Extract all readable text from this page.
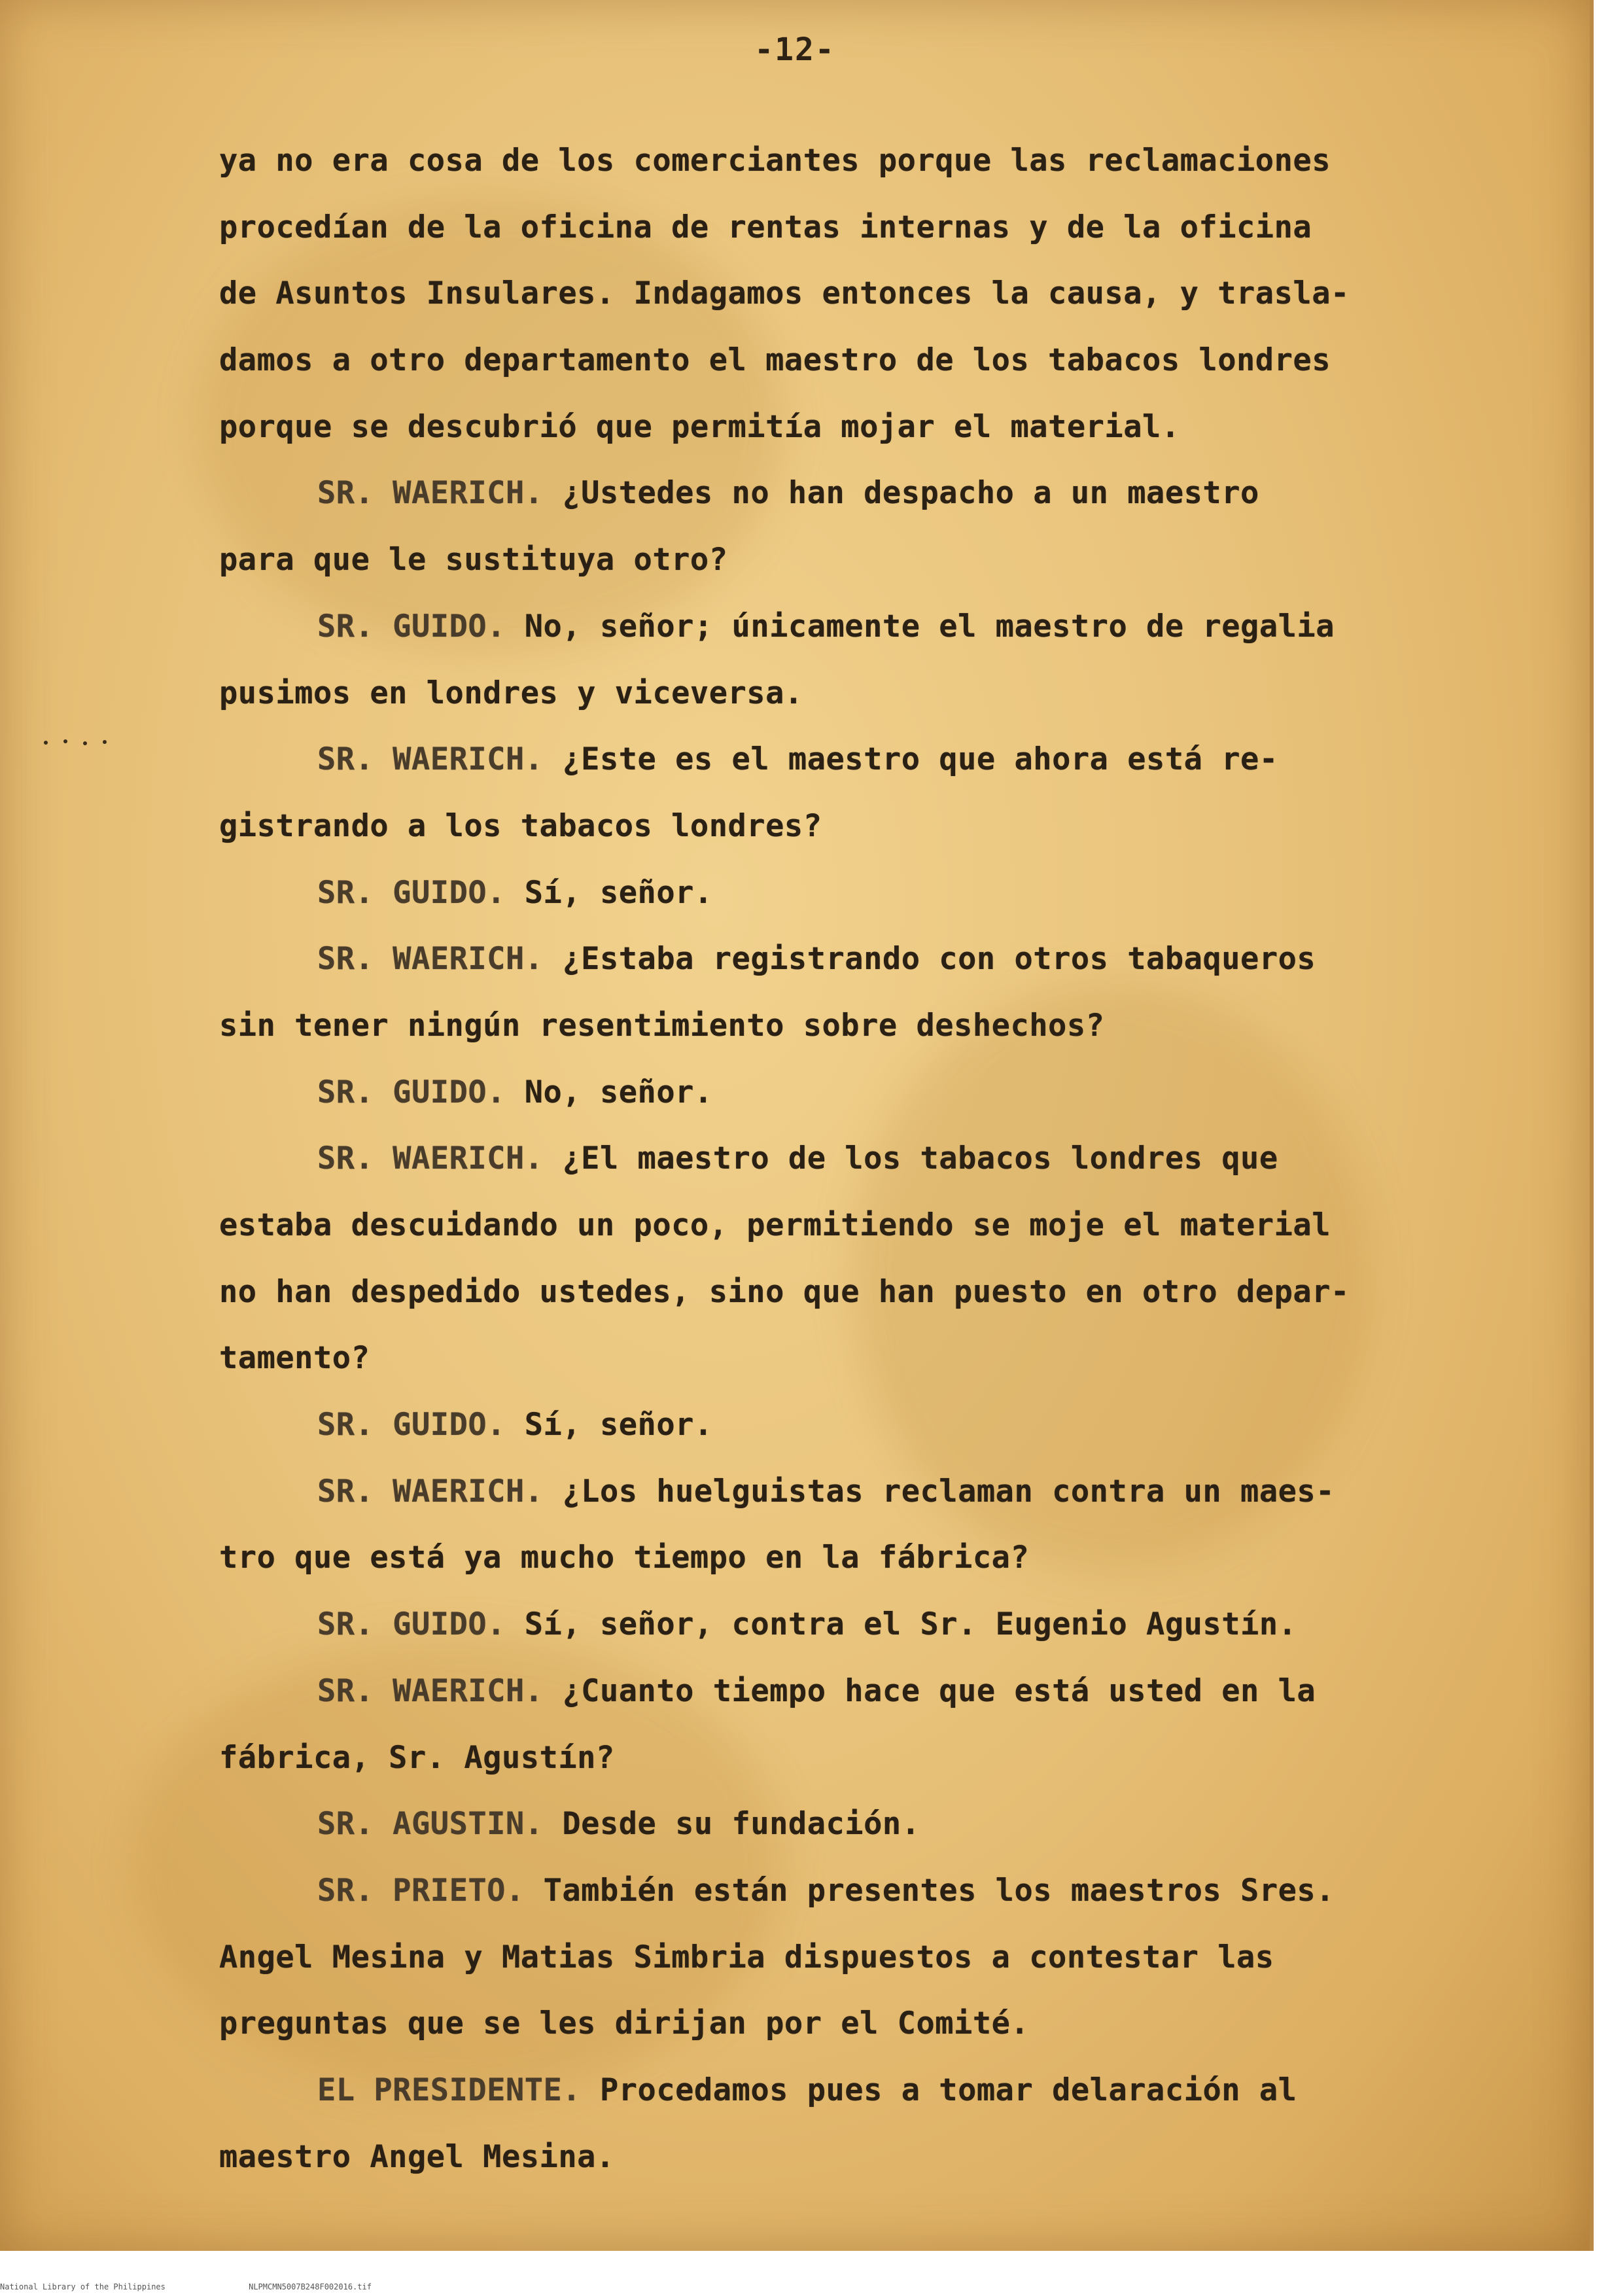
-12-
ya no era cosa de los comerciantes porque las reclamaciones
procedían de la oficina de rentas internas y de la oficina
de Asuntos Insulares. Indagamos entonces la causa, y trasla-
damos a otro departamento el maestro de los tabacos londres
porque se descubrió que permitía mojar el material.
SR. WAERICH. ¿Ustedes no han despacho a un maestro
para que le sustituya otro?
SR. GUIDO. No, señor; únicamente el maestro de regalia
pusimos en londres y viceversa.
SR. WAERICH. ¿Este es el maestro que ahora está re-
gistrando a los tabacos londres?
SR. GUIDO. Sí, señor.
SR. WAERICH. ¿Estaba registrando con otros tabaqueros
sin tener ningún resentimiento sobre deshechos?
SR. GUIDO. No, señor.
SR. WAERICH. ¿El maestro de los tabacos londres que
estaba descuidando un poco, permitiendo se moje el material
no han despedido ustedes, sino que han puesto en otro depar-
tamento?
SR. GUIDO. Sí, señor.
SR. WAERICH. ¿Los huelguistas reclaman contra un maes-
tro que está ya mucho tiempo en la fábrica?
SR. GUIDO. Sí, señor, contra el Sr. Eugenio Agustín.
SR. WAERICH. ¿Cuanto tiempo hace que está usted en la
fábrica, Sr. Agustín?
SR. AGUSTIN. Desde su fundación.
SR. PRIETO. También están presentes los maestros Sres.
Angel Mesina y Matias Simbria dispuestos a contestar las
preguntas que se les dirijan por el Comité.
EL PRESIDENTE. Procedamos pues a tomar delaración al
maestro Angel Mesina.
National Library of the Philippines	NLPMCMN5007B248F002016.tif
